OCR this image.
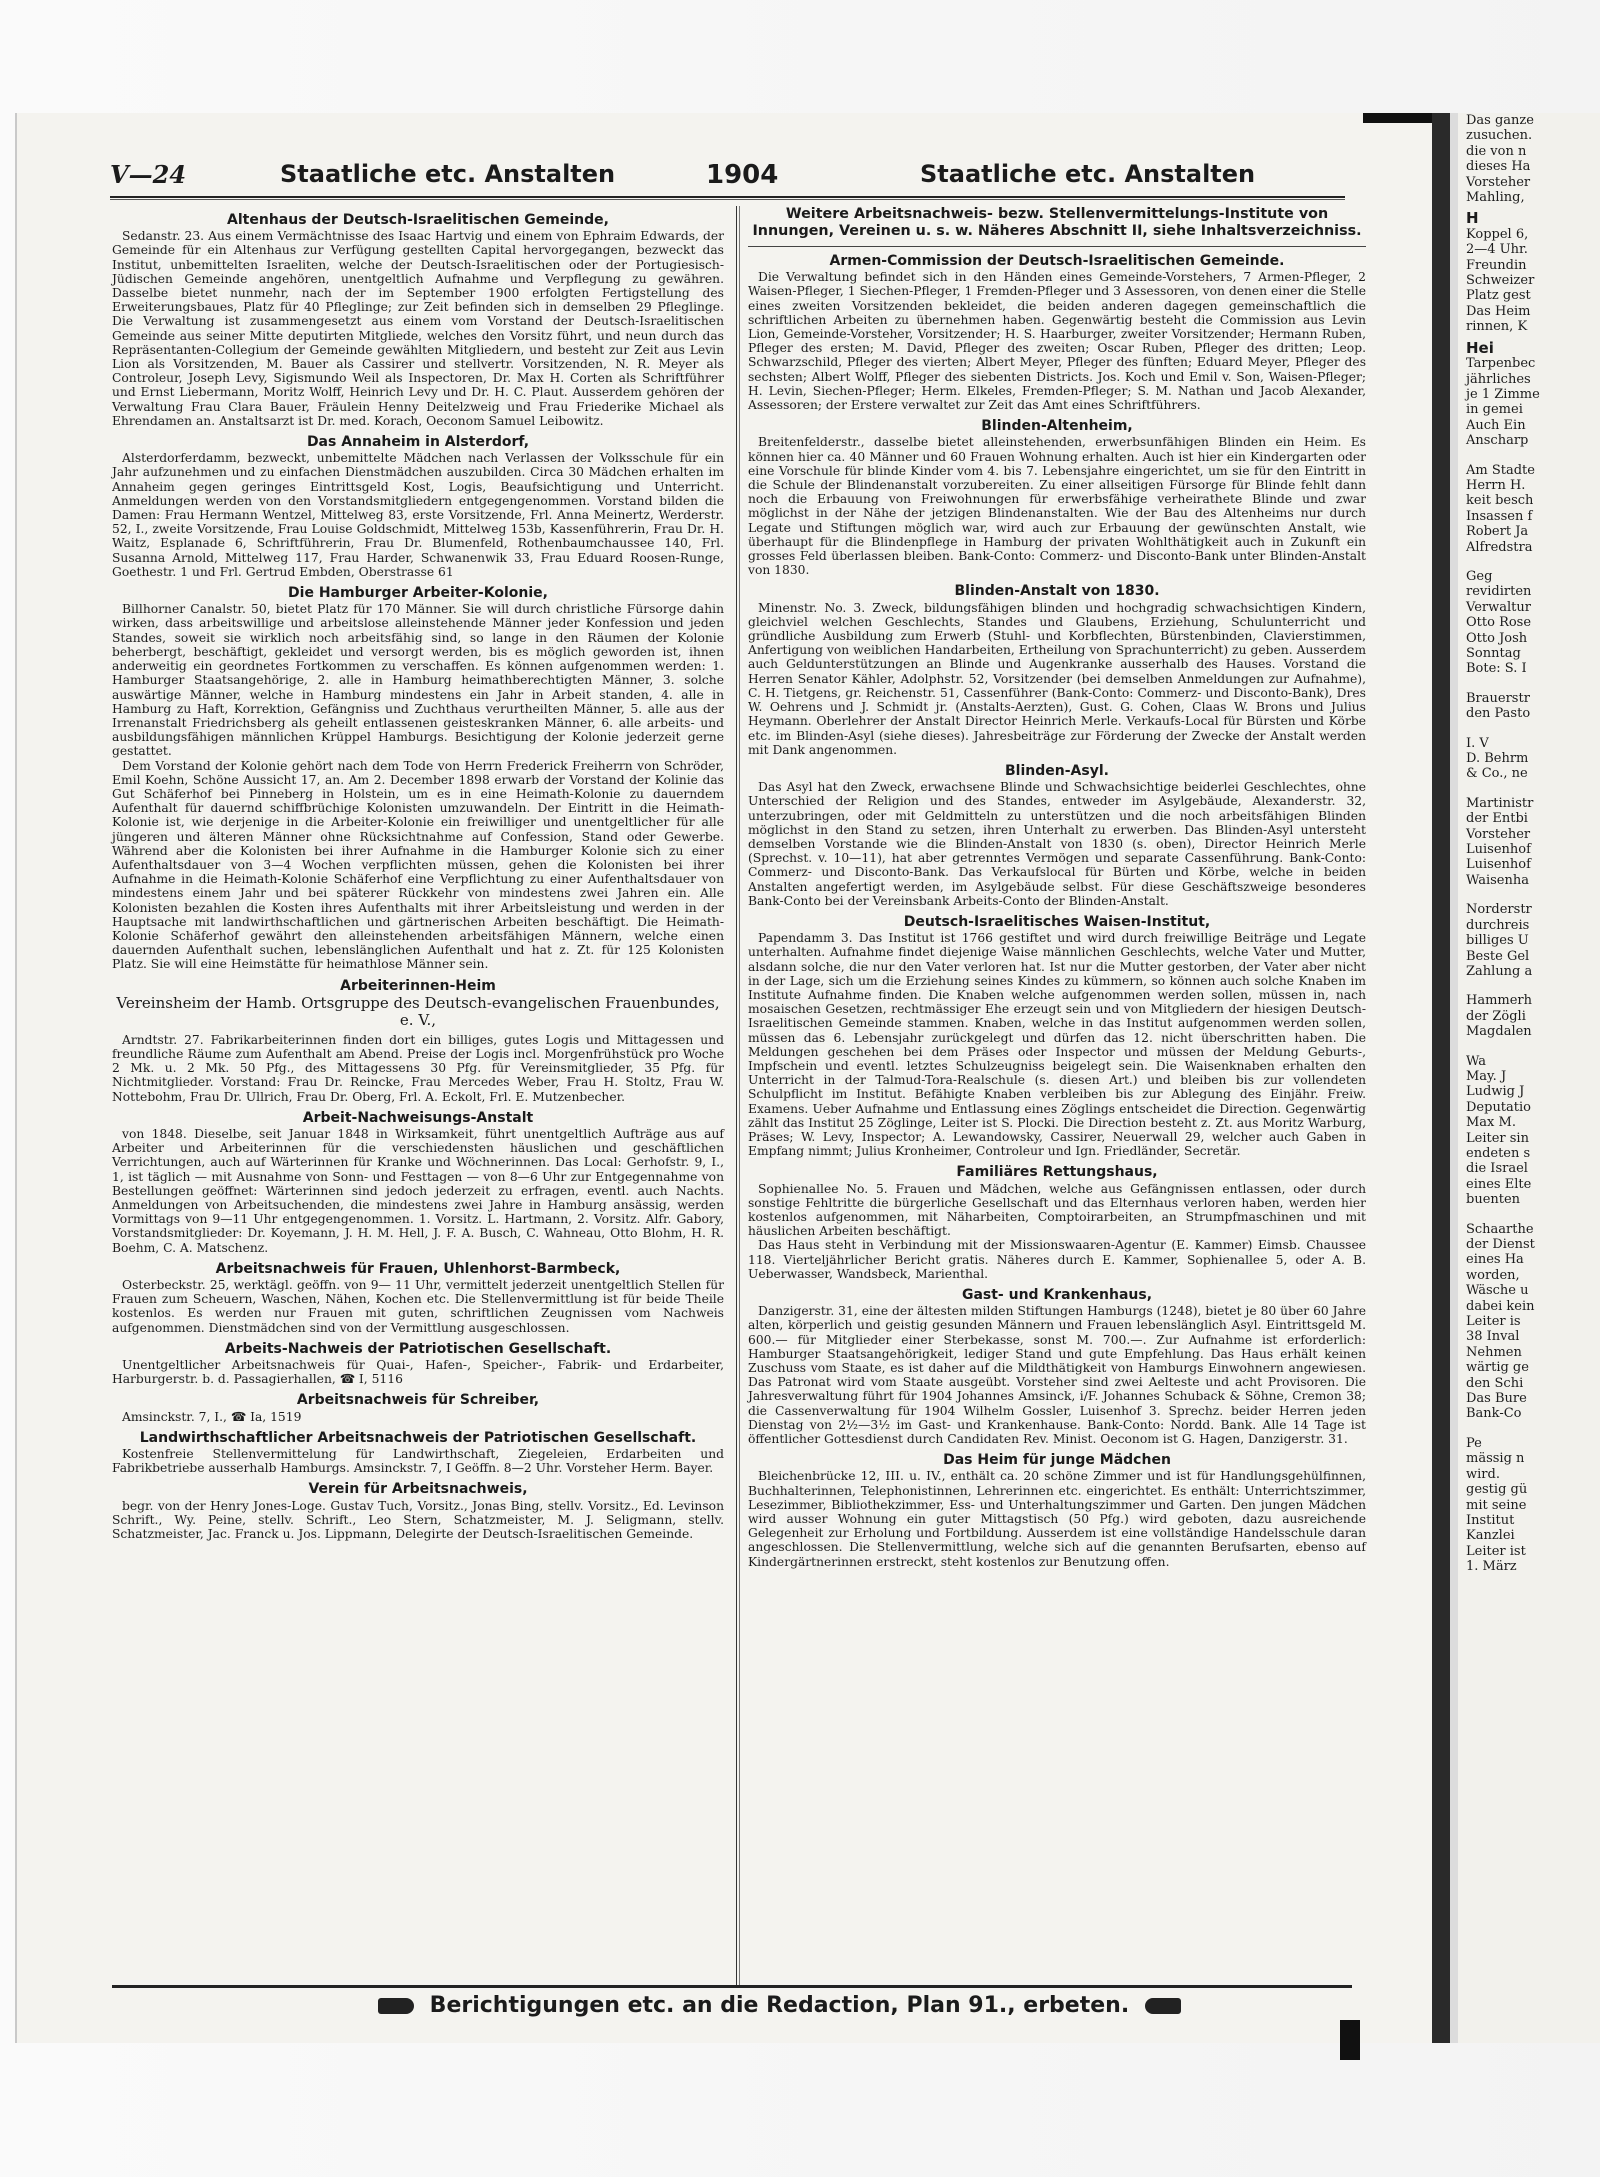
Das ganze
zusuchen.
die von n
dieses Ha
Vorsteher
Mahling,
H
Koppel 6,
2—4 Uhr.
Freundin
Schweizer
Platz gest
Das Heim
rinnen, K
Hei
Tarpenbec
jährliches
je 1 Zimme
in gemei
Auch Ein
Anscharp
Am Stadte
Herrn H.
keit besch
Insassen f
Robert Ja
Alfredstra
Geg
revidirten
Verwaltur
Otto Rose
Otto Josh
Sonntag
Bote: S. I
Brauerstr
den Pasto
I. V
D. Behrm
& Co., ne
Martinistr
der Entbi
Vorsteher
Luisenhof
Luisenhof
Waisenha
Norderstr
durchreis
billiges U
Beste Gel
Zahlung a
Hammerh
der Zögli
Magdalen
Wa
May. J
Ludwig J
Deputatio
Max M.
Leiter sin
endeten s
die Israel
eines Elte
buenten
Schaarthe
der Dienst
eines Ha
worden,
Wäsche u
dabei kein
Leiter is
38 Inval
Nehmen
wärtig ge
den Schi
Das Bure
Bank-Co
Pe
mässig n
wird.
gestig gü
mit seine
Institut
Kanzlei
Leiter ist
1. März
V—24	Staatliche etc. Anstalten	1904	Staatliche etc. Anstalten
Altenhaus der Deutsch-Israelitischen Gemeinde,

Sedanstr. 23. Aus einem Vermächtnisse des Isaac Hartvig und einem von Ephraim Edwards, der Gemeinde für ein Altenhaus zur Verfügung gestellten Capital hervorgegangen, bezweckt das Institut, unbemittelten Israeliten, welche der Deutsch-Israelitischen oder der Portugiesisch-Jüdischen Gemeinde angehören, unentgeltlich Aufnahme und Verpflegung zu gewähren. Dasselbe bietet nunmehr, nach der im September 1900 erfolgten Fertigstellung des Erweiterungsbaues, Platz für 40 Pfleglinge; zur Zeit befinden sich in demselben 29 Pfleglinge. Die Verwaltung ist zusammengesetzt aus einem vom Vorstand der Deutsch-Israelitischen Gemeinde aus seiner Mitte deputirten Mitgliede, welches den Vorsitz führt, und neun durch das Repräsentanten-Collegium der Gemeinde gewählten Mitgliedern, und besteht zur Zeit aus Levin Lion als Vorsitzenden, M. Bauer als Cassirer und stellvertr. Vorsitzenden, N. R. Meyer als Controleur, Joseph Levy, Sigismundo Weil als Inspectoren, Dr. Max H. Corten als Schriftführer und Ernst Liebermann, Moritz Wolff, Heinrich Levy und Dr. H. C. Plaut. Ausserdem gehören der Verwaltung Frau Clara Bauer, Fräulein Henny Deitelzweig und Frau Friederike Michael als Ehrendamen an. Anstaltsarzt ist Dr. med. Korach, Oeconom Samuel Leibowitz.

Das Annaheim in Alsterdorf,

Alsterdorferdamm, bezweckt, unbemittelte Mädchen nach Verlassen der Volksschule für ein Jahr aufzunehmen und zu einfachen Dienstmädchen auszubilden. Circa 30 Mädchen erhalten im Annaheim gegen geringes Eintrittsgeld Kost, Logis, Beaufsichtigung und Unterricht. Anmeldungen werden von den Vorstandsmitgliedern entgegengenommen. Vorstand bilden die Damen: Frau Hermann Wentzel, Mittelweg 83, erste Vorsitzende, Frl. Anna Meinertz, Werderstr. 52, I., zweite Vorsitzende, Frau Louise Goldschmidt, Mittelweg 153b, Kassenführerin, Frau Dr. H. Waitz, Esplanade 6, Schriftführerin, Frau Dr. Blumenfeld, Rothenbaumchaussee 140, Frl. Susanna Arnold, Mittelweg 117, Frau Harder, Schwanenwik 33, Frau Eduard Roosen-Runge, Goethestr. 1 und Frl. Gertrud Embden, Oberstrasse 61

Die Hamburger Arbeiter-Kolonie,

Billhorner Canalstr. 50, bietet Platz für 170 Männer. Sie will durch christliche Fürsorge dahin wirken, dass arbeitswillige und arbeitslose alleinstehende Männer jeder Konfession und jeden Standes, soweit sie wirklich noch arbeitsfähig sind, so lange in den Räumen der Kolonie beherbergt, beschäftigt, gekleidet und versorgt werden, bis es möglich geworden ist, ihnen anderweitig ein geordnetes Fortkommen zu verschaffen. Es können aufgenommen werden: 1. Hamburger Staatsangehörige, 2. alle in Hamburg heimathberechtigten Männer, 3. solche auswärtige Männer, welche in Hamburg mindestens ein Jahr in Arbeit standen, 4. alle in Hamburg zu Haft, Korrektion, Gefängniss und Zuchthaus verurtheilten Männer, 5. alle aus der Irrenanstalt Friedrichsberg als geheilt entlassenen geisteskranken Männer, 6. alle arbeits- und ausbildungsfähigen männlichen Krüppel Hamburgs. Besichtigung der Kolonie jederzeit gerne gestattet.

Dem Vorstand der Kolonie gehört nach dem Tode von Herrn Frederick Freiherrn von Schröder, Emil Koehn, Schöne Aussicht 17, an. Am 2. December 1898 erwarb der Vorstand der Kolinie das Gut Schäferhof bei Pinneberg in Holstein, um es in eine Heimath-Kolonie zu dauerndem Aufenthalt für dauernd schiffbrüchige Kolonisten umzuwandeln. Der Eintritt in die Heimath-Kolonie ist, wie derjenige in die Arbeiter-Kolonie ein freiwilliger und unentgeltlicher für alle jüngeren und älteren Männer ohne Rücksichtnahme auf Confession, Stand oder Gewerbe. Während aber die Kolonisten bei ihrer Aufnahme in die Hamburger Kolonie sich zu einer Aufenthaltsdauer von 3—4 Wochen verpflichten müssen, gehen die Kolonisten bei ihrer Aufnahme in die Heimath-Kolonie Schäferhof eine Verpflichtung zu einer Aufenthaltsdauer von mindestens einem Jahr und bei späterer Rückkehr von mindestens zwei Jahren ein. Alle Kolonisten bezahlen die Kosten ihres Aufenthalts mit ihrer Arbeitsleistung und werden in der Hauptsache mit landwirthschaftlichen und gärtnerischen Arbeiten beschäftigt. Die Heimath-Kolonie Schäferhof gewährt den alleinstehenden arbeitsfähigen Männern, welche einen dauernden Aufenthalt suchen, lebenslänglichen Aufenthalt und hat z. Zt. für 125 Kolonisten Platz. Sie will eine Heimstätte für heimathlose Männer sein.

Arbeiterinnen-Heim
Vereinsheim der Hamb. Ortsgruppe des Deutsch-evangelischen Frauenbundes, e. V.,

Arndtstr. 27. Fabrikarbeiterinnen finden dort ein billiges, gutes Logis und Mittagessen und freundliche Räume zum Aufenthalt am Abend. Preise der Logis incl. Morgenfrühstück pro Woche 2 Mk. u. 2 Mk. 50 Pfg., des Mittagessens 30 Pfg. für Vereinsmitglieder, 35 Pfg. für Nichtmitglieder. Vorstand: Frau Dr. Reincke, Frau Mercedes Weber, Frau H. Stoltz, Frau W. Nottebohm, Frau Dr. Ullrich, Frau Dr. Oberg, Frl. A. Eckolt, Frl. E. Mutzenbecher.

Arbeit-Nachweisungs-Anstalt

von 1848. Dieselbe, seit Januar 1848 in Wirksamkeit, führt unentgeltlich Aufträge aus auf Arbeiter und Arbeiterinnen für die verschiedensten häuslichen und geschäftlichen Verrichtungen, auch auf Wärterinnen für Kranke und Wöchnerinnen. Das Local: Gerhofstr. 9, I., 1, ist täglich — mit Ausnahme von Sonn- und Festtagen — von 8—6 Uhr zur Entgegennahme von Bestellungen geöffnet: Wärterinnen sind jedoch jederzeit zu erfragen, eventl. auch Nachts. Anmeldungen von Arbeitsuchenden, die mindestens zwei Jahre in Hamburg ansässig, werden Vormittags von 9—11 Uhr entgegengenommen. 1. Vorsitz. L. Hartmann, 2. Vorsitz. Alfr. Gabory, Vorstandsmitglieder: Dr. Koyemann, J. H. M. Hell, J. F. A. Busch, C. Wahneau, Otto Blohm, H. R. Boehm, C. A. Matschenz.

Arbeitsnachweis für Frauen, Uhlenhorst-Barmbeck,

Osterbeckstr. 25, werktägl. geöffn. von 9— 11 Uhr, vermittelt jederzeit unentgeltlich Stellen für Frauen zum Scheuern, Waschen, Nähen, Kochen etc. Die Stellenvermittlung ist für beide Theile kostenlos. Es werden nur Frauen mit guten, schriftlichen Zeugnissen vom Nachweis aufgenommen. Dienstmädchen sind von der Vermittlung ausgeschlossen.

Arbeits-Nachweis der Patriotischen Gesellschaft.

Unentgeltlicher Arbeitsnachweis für Quai-, Hafen-, Speicher-, Fabrik- und Erdarbeiter, Harburgerstr. b. d. Passagierhallen, ☎ I, 5116

Arbeitsnachweis für Schreiber,

Amsinckstr. 7, I., ☎ Ia, 1519

Landwirthschaftlicher Arbeitsnachweis der Patriotischen Gesellschaft.

Kostenfreie Stellenvermittelung für Landwirthschaft, Ziegeleien, Erdarbeiten und Fabrikbetriebe ausserhalb Hamburgs. Amsinckstr. 7, I Geöffn. 8—2 Uhr. Vorsteher Herm. Bayer.

Verein für Arbeitsnachweis,

begr. von der Henry Jones-Loge. Gustav Tuch, Vorsitz., Jonas Bing, stellv. Vorsitz., Ed. Levinson Schrift., Wy. Peine, stellv. Schrift., Leo Stern, Schatzmeister, M. J. Seligmann, stellv. Schatzmeister, Jac. Franck u. Jos. Lippmann, Delegirte der Deutsch-Israelitischen Gemeinde.

Weitere Arbeitsnachweis- bezw. Stellenvermittelungs-Institute von Innungen, Vereinen u. s. w. Näheres Abschnitt II, siehe Inhaltsverzeichniss.
Armen-Commission der Deutsch-Israelitischen Gemeinde.

Die Verwaltung befindet sich in den Händen eines Gemeinde-Vorstehers, 7 Armen-Pfleger, 2 Waisen-Pfleger, 1 Siechen-Pfleger, 1 Fremden-Pfleger und 3 Assessoren, von denen einer die Stelle eines zweiten Vorsitzenden bekleidet, die beiden anderen dagegen gemeinschaftlich die schriftlichen Arbeiten zu übernehmen haben. Gegenwärtig besteht die Commission aus Levin Lion, Gemeinde-Vorsteher, Vorsitzender; H. S. Haarburger, zweiter Vorsitzender; Hermann Ruben, Pfleger des ersten; M. David, Pfleger des zweiten; Oscar Ruben, Pfleger des dritten; Leop. Schwarzschild, Pfleger des vierten; Albert Meyer, Pfleger des fünften; Eduard Meyer, Pfleger des sechsten; Albert Wolff, Pfleger des siebenten Districts. Jos. Koch und Emil v. Son, Waisen-Pfleger; H. Levin, Siechen-Pfleger; Herm. Elkeles, Fremden-Pfleger; S. M. Nathan und Jacob Alexander, Assessoren; der Erstere verwaltet zur Zeit das Amt eines Schriftführers.

Blinden-Altenheim,

Breitenfelderstr., dasselbe bietet alleinstehenden, erwerbsunfähigen Blinden ein Heim. Es können hier ca. 40 Männer und 60 Frauen Wohnung erhalten. Auch ist hier ein Kindergarten oder eine Vorschule für blinde Kinder vom 4. bis 7. Lebensjahre eingerichtet, um sie für den Eintritt in die Schule der Blindenanstalt vorzubereiten. Zu einer allseitigen Fürsorge für Blinde fehlt dann noch die Erbauung von Freiwohnungen für erwerbsfähige verheirathete Blinde und zwar möglichst in der Nähe der jetzigen Blindenanstalten. Wie der Bau des Altenheims nur durch Legate und Stiftungen möglich war, wird auch zur Erbauung der gewünschten Anstalt, wie überhaupt für die Blindenpflege in Hamburg der privaten Wohlthätigkeit auch in Zukunft ein grosses Feld überlassen bleiben. Bank-Conto: Commerz- und Disconto-Bank unter Blinden-Anstalt von 1830.

Blinden-Anstalt von 1830.

Minenstr. No. 3. Zweck, bildungsfähigen blinden und hochgradig schwachsichtigen Kindern, gleichviel welchen Geschlechts, Standes und Glaubens, Erziehung, Schulunterricht und gründliche Ausbildung zum Erwerb (Stuhl- und Korbflechten, Bürstenbinden, Clavierstimmen, Anfertigung von weiblichen Handarbeiten, Ertheilung von Sprachunterricht) zu geben. Ausserdem auch Geldunterstützungen an Blinde und Augenkranke ausserhalb des Hauses. Vorstand die Herren Senator Kähler, Adolphstr. 52, Vorsitzender (bei demselben Anmeldungen zur Aufnahme), C. H. Tietgens, gr. Reichenstr. 51, Cassenführer (Bank-Conto: Commerz- und Disconto-Bank), Dres W. Oehrens und J. Schmidt jr. (Anstalts-Aerzten), Gust. G. Cohen, Claas W. Brons und Julius Heymann. Oberlehrer der Anstalt Director Heinrich Merle. Verkaufs-Local für Bürsten und Körbe etc. im Blinden-Asyl (siehe dieses). Jahresbeiträge zur Förderung der Zwecke der Anstalt werden mit Dank angenommen.

Blinden-Asyl.

Das Asyl hat den Zweck, erwachsene Blinde und Schwachsichtige beiderlei Geschlechtes, ohne Unterschied der Religion und des Standes, entweder im Asylgebäude, Alexanderstr. 32, unterzubringen, oder mit Geldmitteln zu unterstützen und die noch arbeitsfähigen Blinden möglichst in den Stand zu setzen, ihren Unterhalt zu erwerben. Das Blinden-Asyl untersteht demselben Vorstande wie die Blinden-Anstalt von 1830 (s. oben), Director Heinrich Merle (Sprechst. v. 10—11), hat aber getrenntes Vermögen und separate Cassenführung. Bank-Conto: Commerz- und Disconto-Bank. Das Verkaufslocal für Bürten und Körbe, welche in beiden Anstalten angefertigt werden, im Asylgebäude selbst. Für diese Geschäftszweige besonderes Bank-Conto bei der Vereinsbank Arbeits-Conto der Blinden-Anstalt.

Deutsch-Israelitisches Waisen-Institut,

Papendamm 3. Das Institut ist 1766 gestiftet und wird durch freiwillige Beiträge und Legate unterhalten. Aufnahme findet diejenige Waise männlichen Geschlechts, welche Vater und Mutter, alsdann solche, die nur den Vater verloren hat. Ist nur die Mutter gestorben, der Vater aber nicht in der Lage, sich um die Erziehung seines Kindes zu kümmern, so können auch solche Knaben im Institute Aufnahme finden. Die Knaben welche aufgenommen werden sollen, müssen in, nach mosaischen Gesetzen, rechtmässiger Ehe erzeugt sein und von Mitgliedern der hiesigen Deutsch-Israelitischen Gemeinde stammen. Knaben, welche in das Institut aufgenommen werden sollen, müssen das 6. Lebensjahr zurückgelegt und dürfen das 12. nicht überschritten haben. Die Meldungen geschehen bei dem Präses oder Inspector und müssen der Meldung Geburts-, Impfschein und eventl. letztes Schulzeugniss beigelegt sein. Die Waisenknaben erhalten den Unterricht in der Talmud-Tora-Realschule (s. diesen Art.) und bleiben bis zur vollendeten Schulpflicht im Institut. Befähigte Knaben verbleiben bis zur Ablegung des Einjähr. Freiw. Examens. Ueber Aufnahme und Entlassung eines Zöglings entscheidet die Direction. Gegenwärtig zählt das Institut 25 Zöglinge, Leiter ist S. Plocki. Die Direction besteht z. Zt. aus Moritz Warburg, Präses; W. Levy, Inspector; A. Lewandowsky, Cassirer, Neuerwall 29, welcher auch Gaben in Empfang nimmt; Julius Kronheimer, Controleur und Ign. Friedländer, Secretär.

Familiäres Rettungshaus,

Sophienallee No. 5. Frauen und Mädchen, welche aus Gefängnissen entlassen, oder durch sonstige Fehltritte die bürgerliche Gesellschaft und das Elternhaus verloren haben, werden hier kostenlos aufgenommen, mit Näharbeiten, Comptoirarbeiten, an Strumpfmaschinen und mit häuslichen Arbeiten beschäftigt.

Das Haus steht in Verbindung mit der Missionswaaren-Agentur (E. Kammer) Eimsb. Chaussee 118. Vierteljährlicher Bericht gratis. Näheres durch E. Kammer, Sophienallee 5, oder A. B. Ueberwasser, Wandsbeck, Marienthal.

Gast- und Krankenhaus,

Danzigerstr. 31, eine der ältesten milden Stiftungen Hamburgs (1248), bietet je 80 über 60 Jahre alten, körperlich und geistig gesunden Männern und Frauen lebenslänglich Asyl. Eintrittsgeld M. 600.— für Mitglieder einer Sterbekasse, sonst M. 700.—. Zur Aufnahme ist erforderlich: Hamburger Staatsangehörigkeit, lediger Stand und gute Empfehlung. Das Haus erhält keinen Zuschuss vom Staate, es ist daher auf die Mildthätigkeit von Hamburgs Einwohnern angewiesen. Das Patronat wird vom Staate ausgeübt. Vorsteher sind zwei Aelteste und acht Provisoren. Die Jahresverwaltung führt für 1904 Johannes Amsinck, i/F. Johannes Schuback & Söhne, Cremon 38; die Cassenverwaltung für 1904 Wilhelm Gossler, Luisenhof 3. Sprechz. beider Herren jeden Dienstag von 2½—3½ im Gast- und Krankenhause. Bank-Conto: Nordd. Bank. Alle 14 Tage ist öffentlicher Gottesdienst durch Candidaten Rev. Minist. Oeconom ist G. Hagen, Danzigerstr. 31.

Das Heim für junge Mädchen

Bleichenbrücke 12, III. u. IV., enthält ca. 20 schöne Zimmer und ist für Handlungsgehülfinnen, Buchhalterinnen, Telephonistinnen, Lehrerinnen etc. eingerichtet. Es enthält: Unterrichtszimmer, Lesezimmer, Bibliothekzimmer, Ess- und Unterhaltungszimmer und Garten. Den jungen Mädchen wird ausser Wohnung ein guter Mittagstisch (50 Pfg.) wird geboten, dazu ausreichende Gelegenheit zur Erholung und Fortbildung. Ausserdem ist eine vollständige Handelsschule daran angeschlossen. Die Stellenvermittlung, welche sich auf die genannten Berufsarten, ebenso auf Kindergärtnerinnen erstreckt, steht kostenlos zur Benutzung offen.

Berichtigungen etc. an die Redaction, Plan 91., erbeten.
